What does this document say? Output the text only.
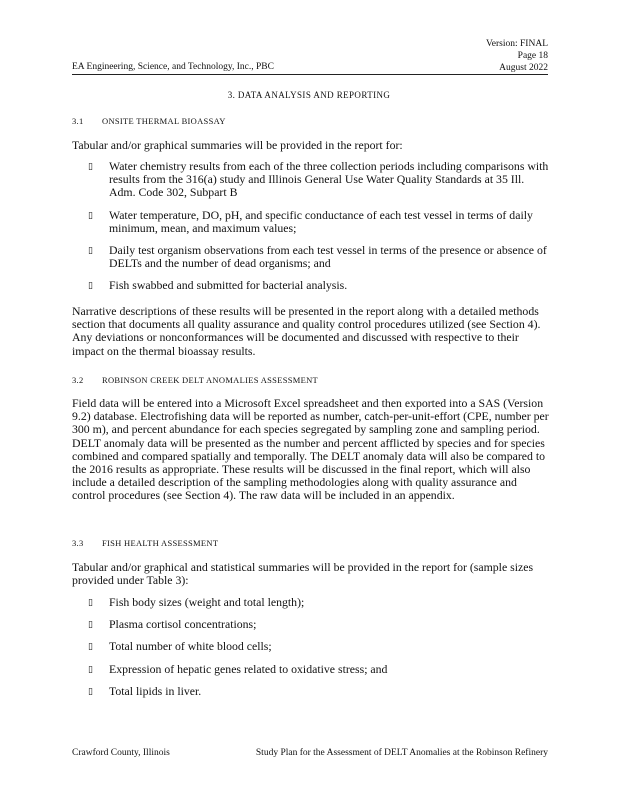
Version: FINAL
Page 18
August 2022
EA Engineering, Science, and Technology, Inc., PBC
3. DATA ANALYSIS AND REPORTING
3.1 ONSITE THERMAL BIOASSAY
Tabular and/or graphical summaries will be provided in the report for:
▯ Water chemistry results from each of the three collection periods including comparisons with results from the 316(a) study and Illinois General Use Water Quality Standards at 35 Ill. Adm. Code 302, Subpart B
▯ Water temperature, DO, pH, and specific conductance of each test vessel in terms of daily minimum, mean, and maximum values;
▯ Daily test organism observations from each test vessel in terms of the presence or absence of DELTs and the number of dead organisms; and
▯ Fish swabbed and submitted for bacterial analysis.
Narrative descriptions of these results will be presented in the report along with a detailed methods section that documents all quality assurance and quality control procedures utilized (see Section 4). Any deviations or nonconformances will be documented and discussed with respective to their impact on the thermal bioassay results.
3.2 ROBINSON CREEK DELT ANOMALIES ASSESSMENT
Field data will be entered into a Microsoft Excel spreadsheet and then exported into a SAS (Version 9.2) database. Electrofishing data will be reported as number, catch-per-unit-effort (CPE, number per 300 m), and percent abundance for each species segregated by sampling zone and sampling period. DELT anomaly data will be presented as the number and percent afflicted by species and for species combined and compared spatially and temporally. The DELT anomaly data will also be compared to the 2016 results as appropriate. These results will be discussed in the final report, which will also include a detailed description of the sampling methodologies along with quality assurance and control procedures (see Section 4). The raw data will be included in an appendix.
3.3 FISH HEALTH ASSESSMENT
Tabular and/or graphical and statistical summaries will be provided in the report for (sample sizes provided under Table 3):
▯ Fish body sizes (weight and total length);
▯ Plasma cortisol concentrations;
▯ Total number of white blood cells;
▯ Expression of hepatic genes related to oxidative stress; and
▯ Total lipids in liver.
Crawford County, Illinois	Study Plan for the Assessment of DELT Anomalies at the Robinson Refinery
